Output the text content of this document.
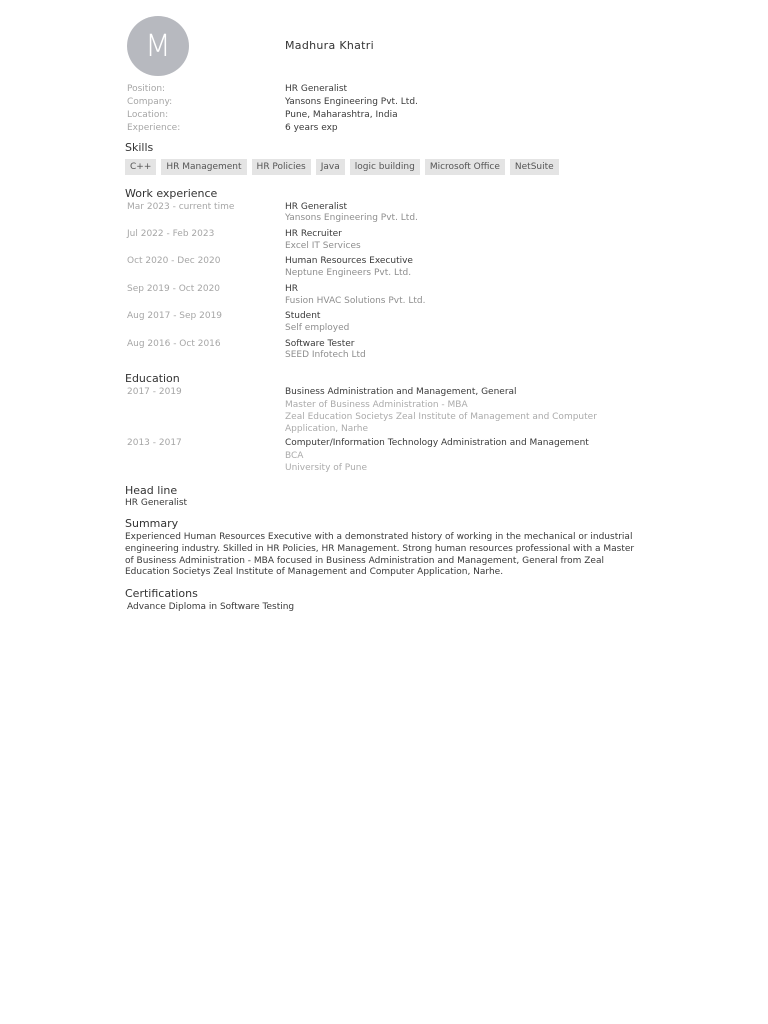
M	Madhura Khatri
Position:	HR Generalist
Company:	Yansons Engineering Pvt. Ltd.
Location:	Pune, Maharashtra, India
Experience:	6 years exp
Skills
C++	HR Management	HR Policies	Java	logic building	Microsoft Office	NetSuite
Work experience
Mar 2023 - current time	HR Generalist
Yansons Engineering Pvt. Ltd.
Jul 2022 - Feb 2023	HR Recruiter
Excel IT Services
Oct 2020 - Dec 2020	Human Resources Executive
Neptune Engineers Pvt. Ltd.
Sep 2019 - Oct 2020	HR
Fusion HVAC Solutions Pvt. Ltd.
Aug 2017 - Sep 2019	Student
Self employed
Aug 2016 - Oct 2016	Software Tester
SEED Infotech Ltd
Education
2017 - 2019	Business Administration and Management, General
Master of Business Administration - MBA
Zeal Education Societys Zeal Institute of Management and Computer Application, Narhe
2013 - 2017	Computer/Information Technology Administration and Management
BCA
University of Pune
Head line
HR Generalist
Summary
Experienced Human Resources Executive with a demonstrated history of working in the mechanical or industrial engineering industry. Skilled in HR Policies, HR Management. Strong human resources professional with a Master of Business Administration - MBA focused in Business Administration and Management, General from Zeal Education Societys Zeal Institute of Management and Computer Application, Narhe.
Certifications
Advance Diploma in Software Testing
